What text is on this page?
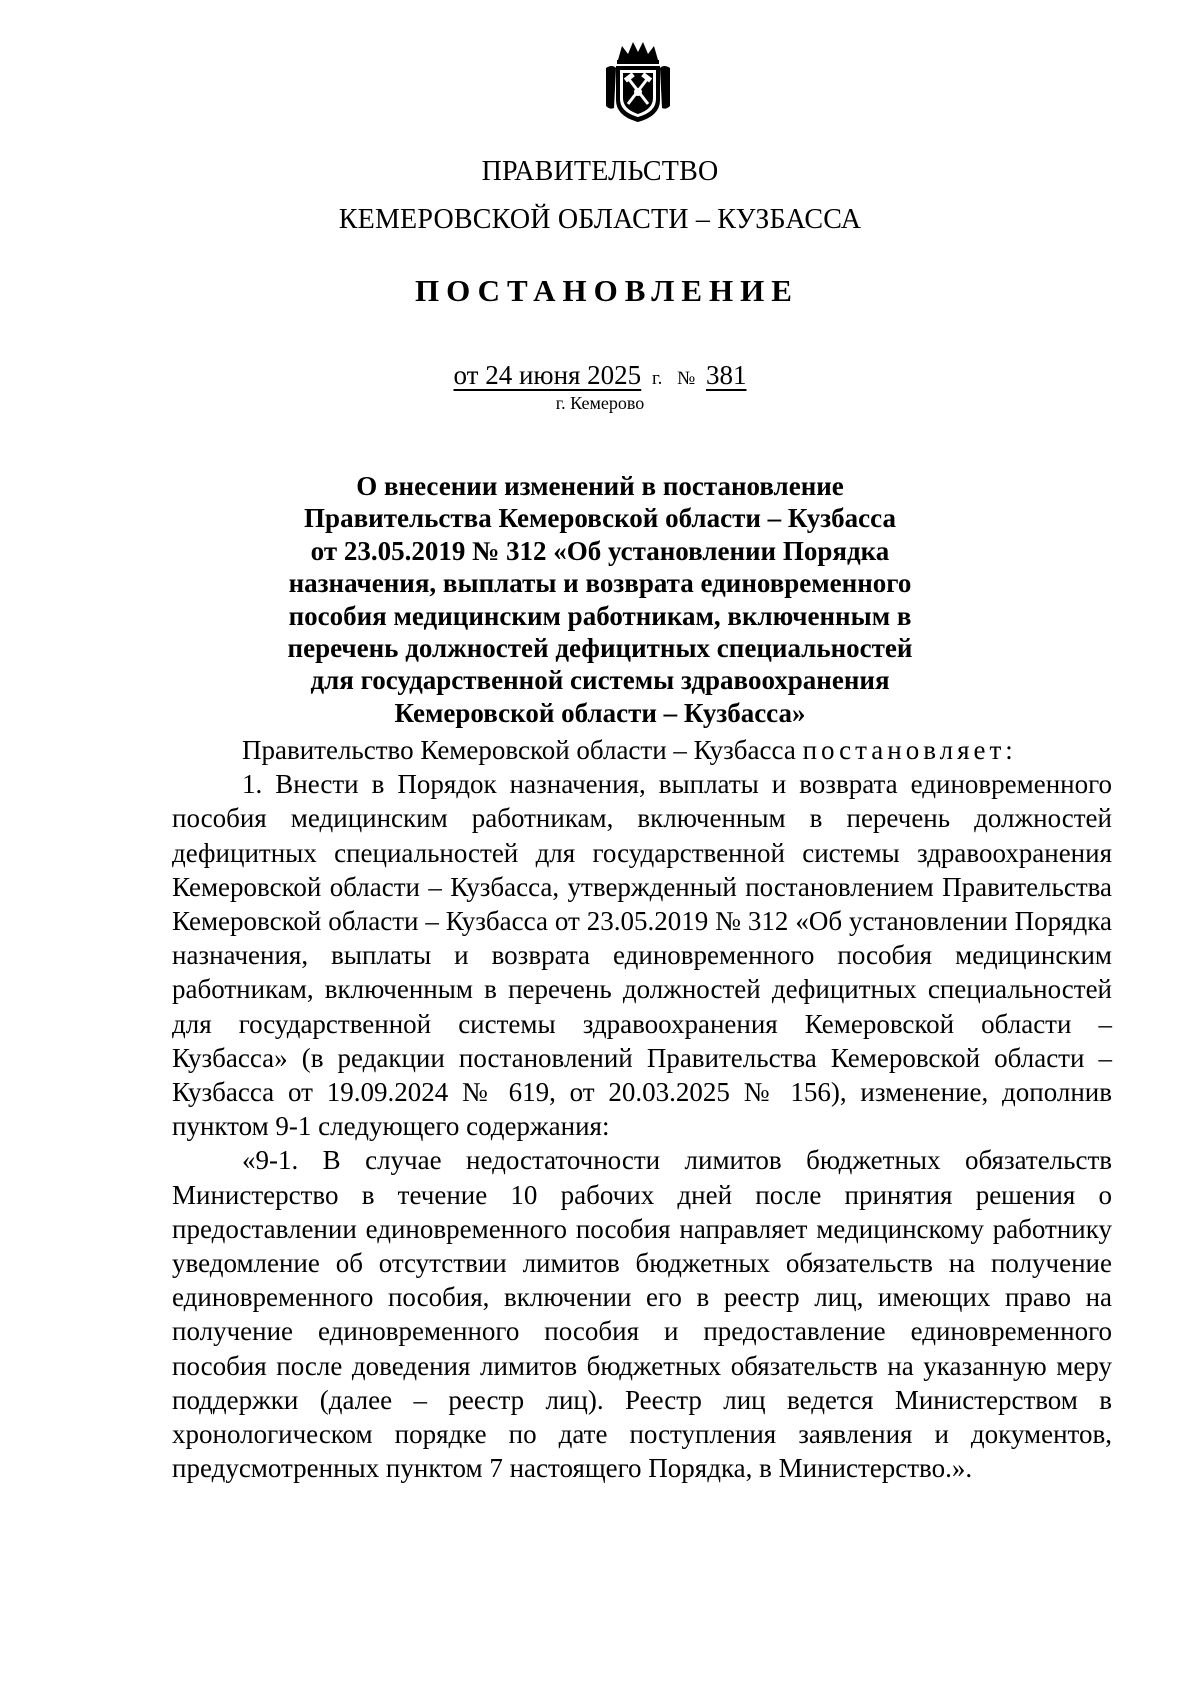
ПРАВИТЕЛЬСТВО
КЕМЕРОВСКОЙ ОБЛАСТИ – КУЗБАССА
ПОСТАНОВЛЕНИЕ
от 24 июня 2025 г. № 381
г. Кемерово
О внесении изменений в постановление
Правительства Кемеровской области – Кузбасса
от 23.05.2019 № 312 «Об установлении Порядка
назначения, выплаты и возврата единовременного
пособия медицинским работникам, включенным в
перечень должностей дефицитных специальностей
для государственной системы здравоохранения
Кемеровской области – Кузбасса»

Правительство Кемеровской области – Кузбасса постановляет:

1. Внести в Порядок назначения, выплаты и возврата единовременного пособия медицинским работникам, включенным в перечень должностей дефицитных специальностей для государственной системы здравоохранения Кемеровской области – Кузбасса, утвержденный постановлением Правительства Кемеровской области – Кузбасса от 23.05.2019 № 312 «Об установлении Порядка назначения, выплаты и возврата единовременного пособия медицинским работникам, включенным в перечень должностей дефицитных специальностей для государственной системы здравоохранения Кемеровской области – Кузбасса» (в редакции постановлений Правительства Кемеровской области – Кузбасса от 19.09.2024 № 619, от 20.03.2025 № 156), изменение, дополнив пунктом 9-1 следующего содержания:

«9-1. В случае недостаточности лимитов бюджетных обязательств Министерство в течение 10 рабочих дней после принятия решения о предоставлении единовременного пособия направляет медицинскому работнику уведомление об отсутствии лимитов бюджетных обязательств на получение единовременного пособия, включении его в реестр лиц, имеющих право на получение единовременного пособия и предоставление единовременного пособия после доведения лимитов бюджетных обязательств на указанную меру поддержки (далее – реестр лиц). Реестр лиц ведется Министерством в хронологическом порядке по дате поступления заявления и документов, предусмотренных пунктом 7 настоящего Порядка, в Министерство.».
